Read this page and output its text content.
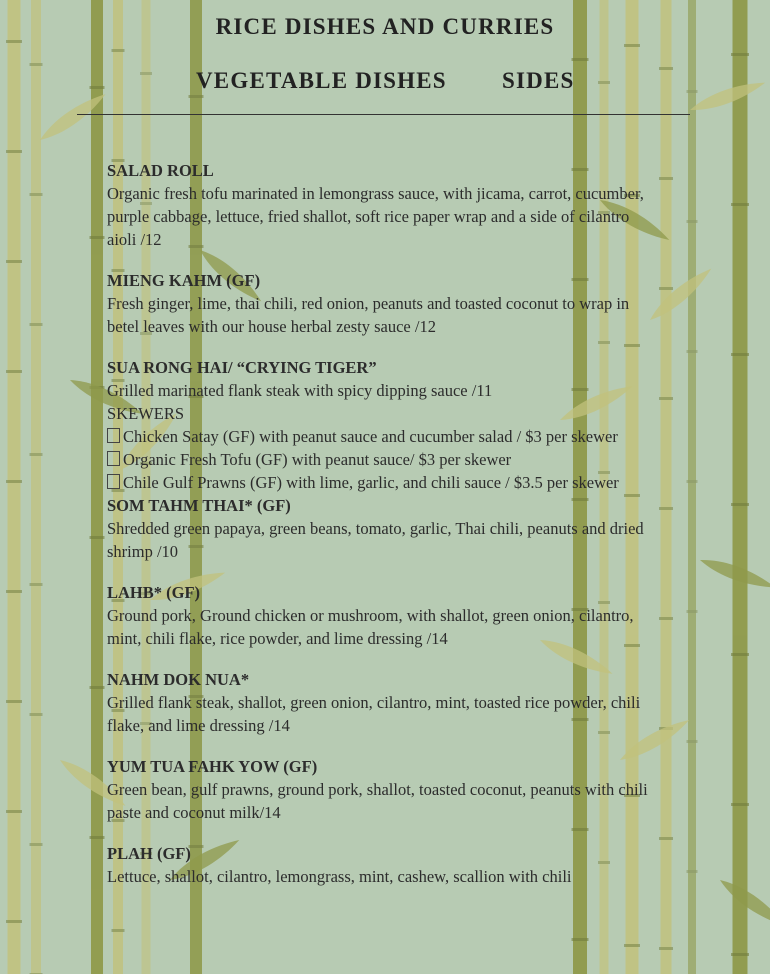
RICE DISHES AND CURRIES
VEGETABLE DISHES SIDES
SALAD ROLL
Organic fresh tofu marinated in lemongrass sauce, with jicama, carrot, cucumber, purple cabbage, lettuce, fried shallot, soft rice paper wrap and a side of cilantro aioli /12
MIENG KAHM (GF)
Fresh ginger, lime, thai chili, red onion, peanuts and toasted coconut to wrap in betel leaves with our house herbal zesty sauce /12
SUA RONG HAI/ “CRYING TIGER”
Grilled marinated flank steak with spicy dipping sauce /11
SKEWERS
Chicken Satay (GF) with peanut sauce and cucumber salad / $3 per skewer
Organic Fresh Tofu (GF) with peanut sauce/ $3 per skewer
Chile Gulf Prawns (GF) with lime, garlic, and chili sauce / $3.5 per skewer
SOM TAHM THAI* (GF)
Shredded green papaya, green beans, tomato, garlic, Thai chili, peanuts and dried shrimp /10
LAHB* (GF)
Ground pork, Ground chicken or mushroom, with shallot, green onion, cilantro, mint, chili flake, rice powder, and lime dressing /14
NAHM DOK NUA*
Grilled flank steak, shallot, green onion, cilantro, mint, toasted rice powder, chili flake, and lime dressing /14
YUM TUA FAHK YOW (GF)
Green bean, gulf prawns, ground pork, shallot, toasted coconut, peanuts with chili paste and coconut milk/14
PLAH (GF)
Lettuce, shallot, cilantro, lemongrass, mint, cashew, scallion with chili
